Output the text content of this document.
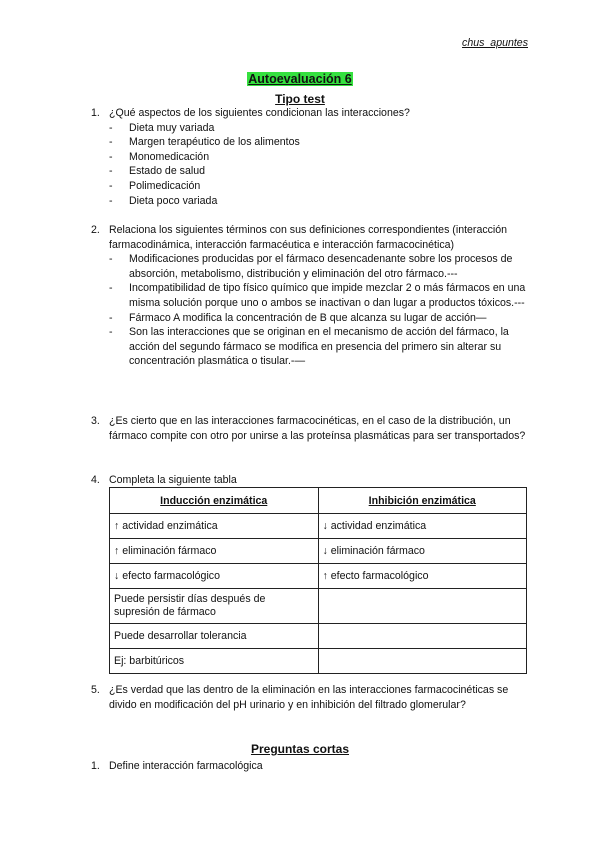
chus_apuntes
Autoevaluación 6
Tipo test
1. ¿Qué aspectos de los siguientes condicionan las interacciones?
- Dieta muy variada
- Margen terapéutico de los alimentos
- Monomedicación
- Estado de salud
- Polimedicación
- Dieta poco variada
2. Relaciona los siguientes términos con sus definiciones correspondientes (interacción farmacodinámica, interacción farmacéutica e interacción farmacocinética)
- Modificaciones producidas por el fármaco desencadenante sobre los procesos de absorción, metabolismo, distribución y eliminación del otro fármaco.---
- Incompatibilidad de tipo físico químico que impide mezclar 2 o más fármacos en una misma solución porque uno o ambos se inactivan o dan lugar a productos tóxicos.---
- Fármaco A modifica la concentración de B que alcanza su lugar de acción—
- Son las interacciones que se originan en el mecanismo de acción del fármaco, la acción del segundo fármaco se modifica en presencia del primero sin alterar su concentración plasmática o tisular.-—
3. ¿Es cierto que en las interacciones farmacocinéticas, en el caso de la distribución, un fármaco compite con otro por unirse a las proteínsa plasmáticas para ser transportados?
4. Completa la siguiente tabla
Inducción enzimática	Inhibición enzimática
↑ actividad enzimática	↓ actividad enzimática
↑ eliminación fármaco	↓ eliminación fármaco
↓ efecto farmacológico	↑ efecto farmacológico
Puede persistir días después de supresión de fármaco	
Puede desarrollar tolerancia	
Ej: barbitúricos	
5. ¿Es verdad que las dentro de la eliminación en las interacciones farmacocinéticas se divido en modificación del pH urinario y en inhibición del filtrado glomerular?
Preguntas cortas
1. Define interacción farmacológica
